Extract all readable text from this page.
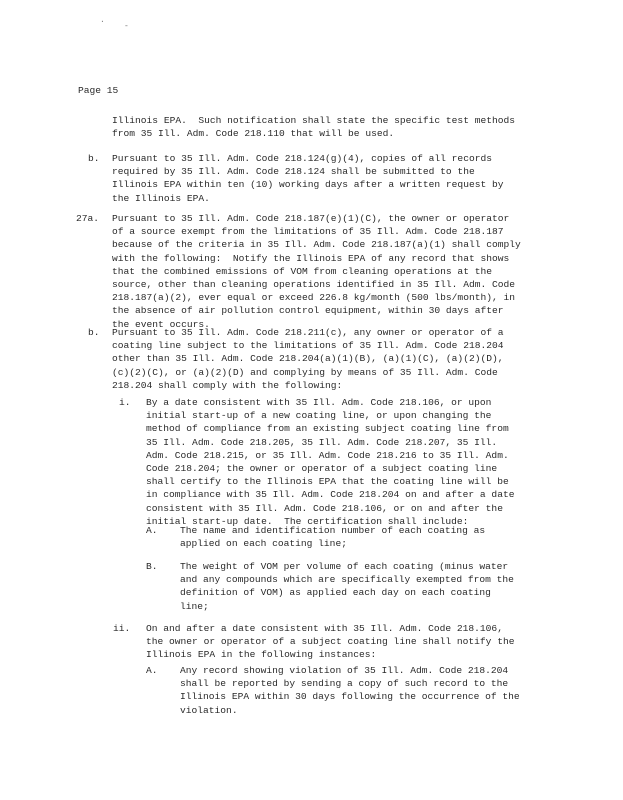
.
-
Page 15

Illinois EPA.  Such notification shall state the specific test methods

from 35 Ill. Adm. Code 218.110 that will be used.

b. Pursuant to 35 Ill. Adm. Code 218.124(g)(4), copies of all records

required by 35 Ill. Adm. Code 218.124 shall be submitted to the

Illinois EPA within ten (10) working days after a written request by

the Illinois EPA.

27a. Pursuant to 35 Ill. Adm. Code 218.187(e)(1)(C), the owner or operator

of a source exempt from the limitations of 35 Ill. Adm. Code 218.187

because of the criteria in 35 Ill. Adm. Code 218.187(a)(1) shall comply

with the following:  Notify the Illinois EPA of any record that shows

that the combined emissions of VOM from cleaning operations at the

source, other than cleaning operations identified in 35 Ill. Adm. Code

218.187(a)(2), ever equal or exceed 226.8 kg/month (500 lbs/month), in

the absence of air pollution control equipment, within 30 days after

the event occurs.

b. Pursuant to 35 Ill. Adm. Code 218.211(c), any owner or operator of a

coating line subject to the limitations of 35 Ill. Adm. Code 218.204

other than 35 Ill. Adm. Code 218.204(a)(1)(B), (a)(1)(C), (a)(2)(D),

(c)(2)(C), or (a)(2)(D) and complying by means of 35 Ill. Adm. Code

218.204 shall comply with the following:

i. By a date consistent with 35 Ill. Adm. Code 218.106, or upon

initial start-up of a new coating line, or upon changing the

method of compliance from an existing subject coating line from

35 Ill. Adm. Code 218.205, 35 Ill. Adm. Code 218.207, 35 Ill.

Adm. Code 218.215, or 35 Ill. Adm. Code 218.216 to 35 Ill. Adm.

Code 218.204; the owner or operator of a subject coating line

shall certify to the Illinois EPA that the coating line will be

in compliance with 35 Ill. Adm. Code 218.204 on and after a date

consistent with 35 Ill. Adm. Code 218.106, or on and after the

initial start-up date.  The certification shall include:

A. The name and identification number of each coating as

applied on each coating line;

B. The weight of VOM per volume of each coating (minus water

and any compounds which are specifically exempted from the

definition of VOM) as applied each day on each coating

line;

ii. On and after a date consistent with 35 Ill. Adm. Code 218.106,

the owner or operator of a subject coating line shall notify the

Illinois EPA in the following instances:

A. Any record showing violation of 35 Ill. Adm. Code 218.204

shall be reported by sending a copy of such record to the

Illinois EPA within 30 days following the occurrence of the

violation.
